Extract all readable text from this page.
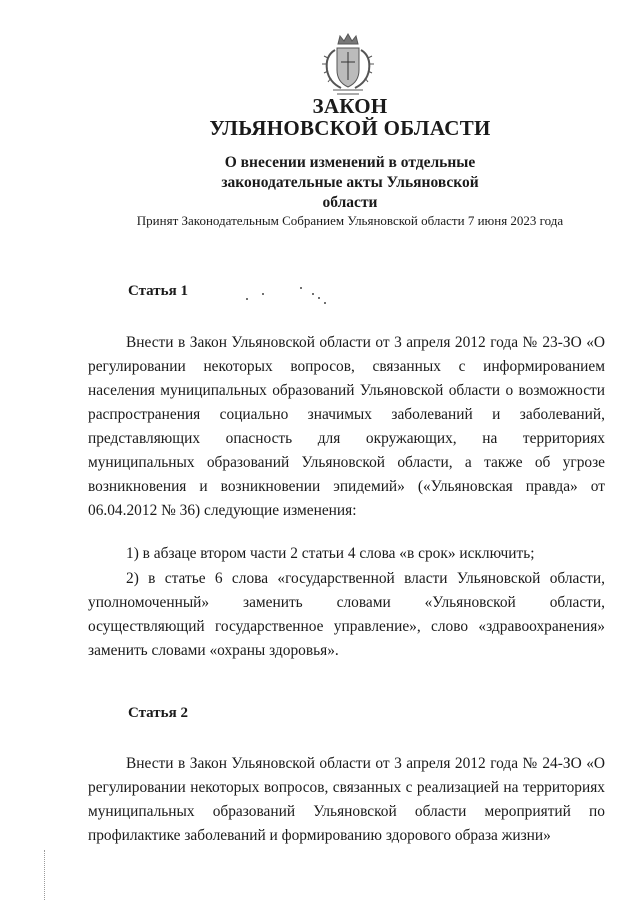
ЗАКОН
УЛЬЯНОВСКОЙ ОБЛАСТИ
О внесении изменений в отдельные законодательные акты Ульяновской области
Принят Законодательным Собранием Ульяновской области 7 июня 2023 года
Статья 1
Внести в Закон Ульяновской области от 3 апреля 2012 года № 23-ЗО «О регулировании некоторых вопросов, связанных с информированием населения муниципальных образований Ульяновской области о возможности распространения социально значимых заболеваний и заболеваний, представляющих опасность для окружающих, на территориях муниципальных образований Ульяновской области, а также об угрозе возникновения и возникновении эпидемий» («Ульяновская правда» от 06.04.2012 № 36) следующие изменения:
1) в абзаце втором части 2 статьи 4 слова «в срок» исключить;
2) в статье 6 слова «государственной власти Ульяновской области, уполномоченный» заменить словами «Ульяновской области, осуществляющий государственное управление», слово «здравоохранения» заменить словами «охраны здоровья».
Статья 2
Внести в Закон Ульяновской области от 3 апреля 2012 года № 24-ЗО «О регулировании некоторых вопросов, связанных с реализацией на территориях муниципальных образований Ульяновской области мероприятий по профилактике заболеваний и формированию здорового образа жизни»
